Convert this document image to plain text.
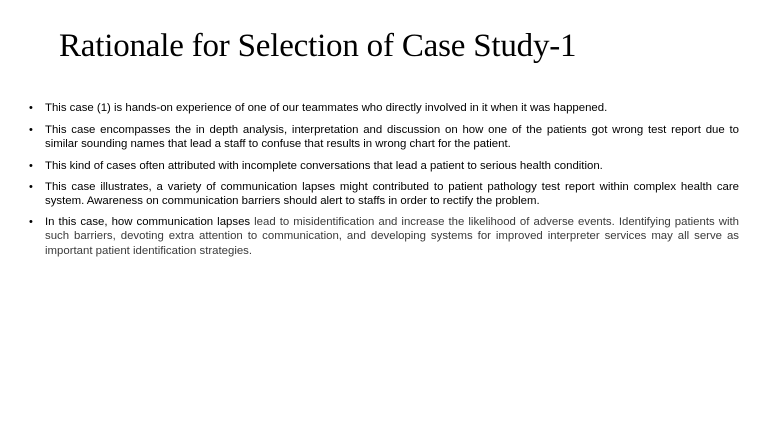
Rationale for Selection of Case Study-1
• This case (1) is hands-on experience of one of our teammates who directly involved in it when it was happened.
• This case encompasses the in depth analysis, interpretation and discussion on how one of the patients got wrong test report due to similar sounding names that lead a staff to confuse that results in wrong chart for the patient.
• This kind of cases often attributed with incomplete conversations that lead a patient to serious health condition.
• This case illustrates, a variety of communication lapses might contributed to patient pathology test report within complex health care system. Awareness on communication barriers should alert to staffs in order to rectify the problem.
• In this case, how communication lapses lead to misidentification and increase the likelihood of adverse events. Identifying patients with such barriers, devoting extra attention to communication, and developing systems for improved interpreter services may all serve as important patient identification strategies.
